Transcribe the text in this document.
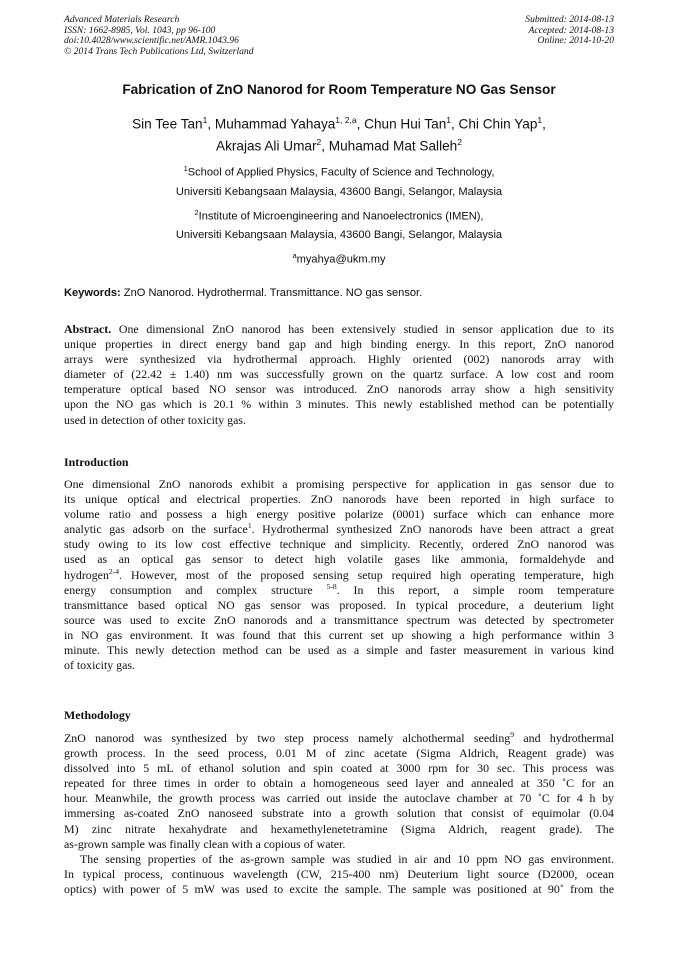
Advanced Materials Research
ISSN: 1662-8985, Vol. 1043, pp 96-100
doi:10.4028/www.scientific.net/AMR.1043.96
© 2014 Trans Tech Publications Ltd, Switzerland
Submitted: 2014-08-13
Accepted: 2014-08-13
Online: 2014-10-20
Fabrication of ZnO Nanorod for Room Temperature NO Gas Sensor
Sin Tee Tan$^1$, Muhammad Yahaya$^{1, 2,a}$, Chun Hui Tan$^1$, Chi Chin Yap$^1$,
Akrajas Ali Umar$^2$, Muhamad Mat Salleh$^2$
$^1$School of Applied Physics, Faculty of Science and Technology,
Universiti Kebangsaan Malaysia, 43600 Bangi, Selangor, Malaysia
$^2$Institute of Microengineering and Nanoelectronics (IMEN),
Universiti Kebangsaan Malaysia, 43600 Bangi, Selangor, Malaysia
$^a$myahya@ukm.my
Keywords: ZnO Nanorod. Hydrothermal. Transmittance. NO gas sensor.
Abstract. One dimensional ZnO nanorod has been extensively studied in sensor application due to its
unique properties in direct energy band gap and high binding energy. In this report, ZnO nanorod
arrays were synthesized via hydrothermal approach. Highly oriented (002) nanorods array with
diameter of (22.42 ± 1.40) nm was successfully grown on the quartz surface. A low cost and room
temperature optical based NO sensor was introduced. ZnO nanorods array show a high sensitivity
upon the NO gas which is 20.1 % within 3 minutes. This newly established method can be potentially
used in detection of other toxicity gas.
Introduction
One dimensional ZnO nanorods exhibit a promising perspective for application in gas sensor due to
its unique optical and electrical properties. ZnO nanorods have been reported in high surface to
volume ratio and possess a high energy positive polarize (0001) surface which can enhance more
analytic gas adsorb on the surface$^1$. Hydrothermal synthesized ZnO nanorods have been attract a great
study owing to its low cost effective technique and simplicity. Recently, ordered ZnO nanorod was
used as an optical gas sensor to detect high volatile gases like ammonia, formaldehyde and
hydrogen$^{2-4}$. However, most of the proposed sensing setup required high operating temperature, high
energy consumption and complex structure $^{5-8}$. In this report, a simple room temperature
transmittance based optical NO gas sensor was proposed. In typical procedure, a deuterium light
source was used to excite ZnO nanorods and a transmittance spectrum was detected by spectrometer
in NO gas environment. It was found that this current set up showing a high performance within 3
minute. This newly detection method can be used as a simple and faster measurement in various kind
of toxicity gas.
Methodology
ZnO nanorod was synthesized by two step process namely alchothermal seeding$^9$ and hydrothermal
growth process. In the seed process, 0.01 M of zinc acetate (Sigma Aldrich, Reagent grade) was
dissolved into 5 mL of ethanol solution and spin coated at 3000 rpm for 30 sec. This process was
repeated for three times in order to obtain a homogeneous seed layer and annealed at 350 ˚C for an
hour. Meanwhile, the growth process was carried out inside the autoclave chamber at 70 ˚C for 4 h by
immersing as-coated ZnO nanoseed substrate into a growth solution that consist of equimolar (0.04
M) zinc nitrate hexahydrate and hexamethylenetetramine (Sigma Aldrich, reagent grade). The
as-grown sample was finally clean with a copious of water.
The sensing properties of the as-grown sample was studied in air and 10 ppm NO gas environment.
In typical process, continuous wavelength (CW, 215-400 nm) Deuterium light source (D2000, ocean
optics) with power of 5 mW was used to excite the sample. The sample was positioned at 90˚ from the
